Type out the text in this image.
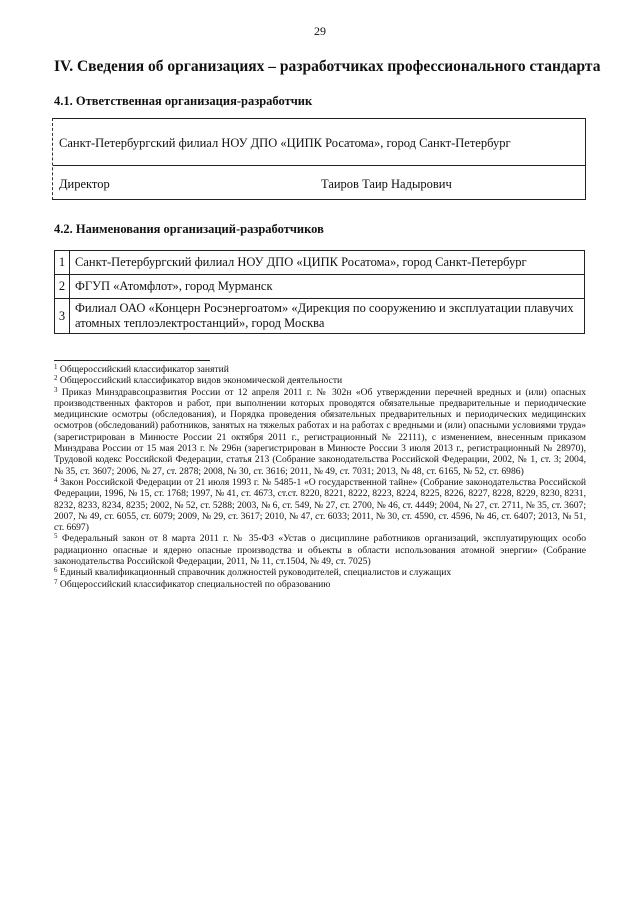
29
IV. Сведения об организациях – разработчиках профессионального стандарта
4.1. Ответственная организация-разработчик
Санкт-Петербургский филиал НОУ ДПО «ЦИПК Росатома», город Санкт-Петербург
Директор	Таиров Таир Надырович
4.2. Наименования организаций-разработчиков
1	Санкт-Петербургский филиал НОУ ДПО «ЦИПК Росатома», город Санкт-Петербург
2	ФГУП «Атомфлот», город Мурманск
3	Филиал ОАО «Концерн Росэнергоатом» «Дирекция по сооружению и эксплуатации плавучих атомных теплоэлектростанций», город Москва

$^1$ Общероссийский классификатор занятий

$^2$ Общероссийский классификатор видов экономической деятельности

$^3$ Приказ Минздравсоцразвития России от 12 апреля 2011 г. № 302н «Об утверждении перечней вредных и (или) опасных производственных факторов и работ, при выполнении которых проводятся обязательные предварительные и периодические медицинские осмотры (обследования), и Порядка проведения обязательных предварительных и периодических медицинских осмотров (обследований) работников, занятых на тяжелых работах и на работах с вредными и (или) опасными условиями труда» (зарегистрирован в Минюсте России 21 октября 2011 г., регистрационный № 22111), с изменением, внесенным приказом Минздрава России от 15 мая 2013 г. № 296н (зарегистрирован в Минюсте России 3 июля 2013 г., регистрационный № 28970), Трудовой кодекс Российской Федерации, статья 213 (Собрание законодательства Российской Федерации, 2002, № 1, ст. 3; 2004, № 35, ст. 3607; 2006, № 27, ст. 2878; 2008, № 30, ст. 3616; 2011, № 49, ст. 7031; 2013, № 48, ст. 6165, № 52, ст. 6986)

$^4$ Закон Российской Федерации от 21 июля 1993 г. № 5485-1 «О государственной тайне» (Собрание законодательства Российской Федерации, 1996, № 15, ст. 1768; 1997, № 41, ст. 4673, ст.ст. 8220, 8221, 8222, 8223, 8224, 8225, 8226, 8227, 8228, 8229, 8230, 8231, 8232, 8233, 8234, 8235; 2002, № 52, ст. 5288; 2003, № 6, ст. 549, № 27, ст. 2700, № 46, ст. 4449; 2004, № 27, ст. 2711, № 35, ст. 3607; 2007, № 49, ст. 6055, ст. 6079; 2009, № 29, ст. 3617; 2010, № 47, ст. 6033; 2011, № 30, ст. 4590, ст. 4596, № 46, ст. 6407; 2013, № 51, ст. 6697)

$^5$ Федеральный закон от 8 марта 2011 г. № 35-ФЗ «Устав о дисциплине работников организаций, эксплуатирующих особо радиационно опасные и ядерно опасные производства и объекты в области использования атомной энергии» (Собрание законодательства Российской Федерации, 2011, № 11, ст.1504, № 49, ст. 7025)

$^6$ Единый квалификационный справочник должностей руководителей, специалистов и служащих

$^7$ Общероссийский классификатор специальностей по образованию
